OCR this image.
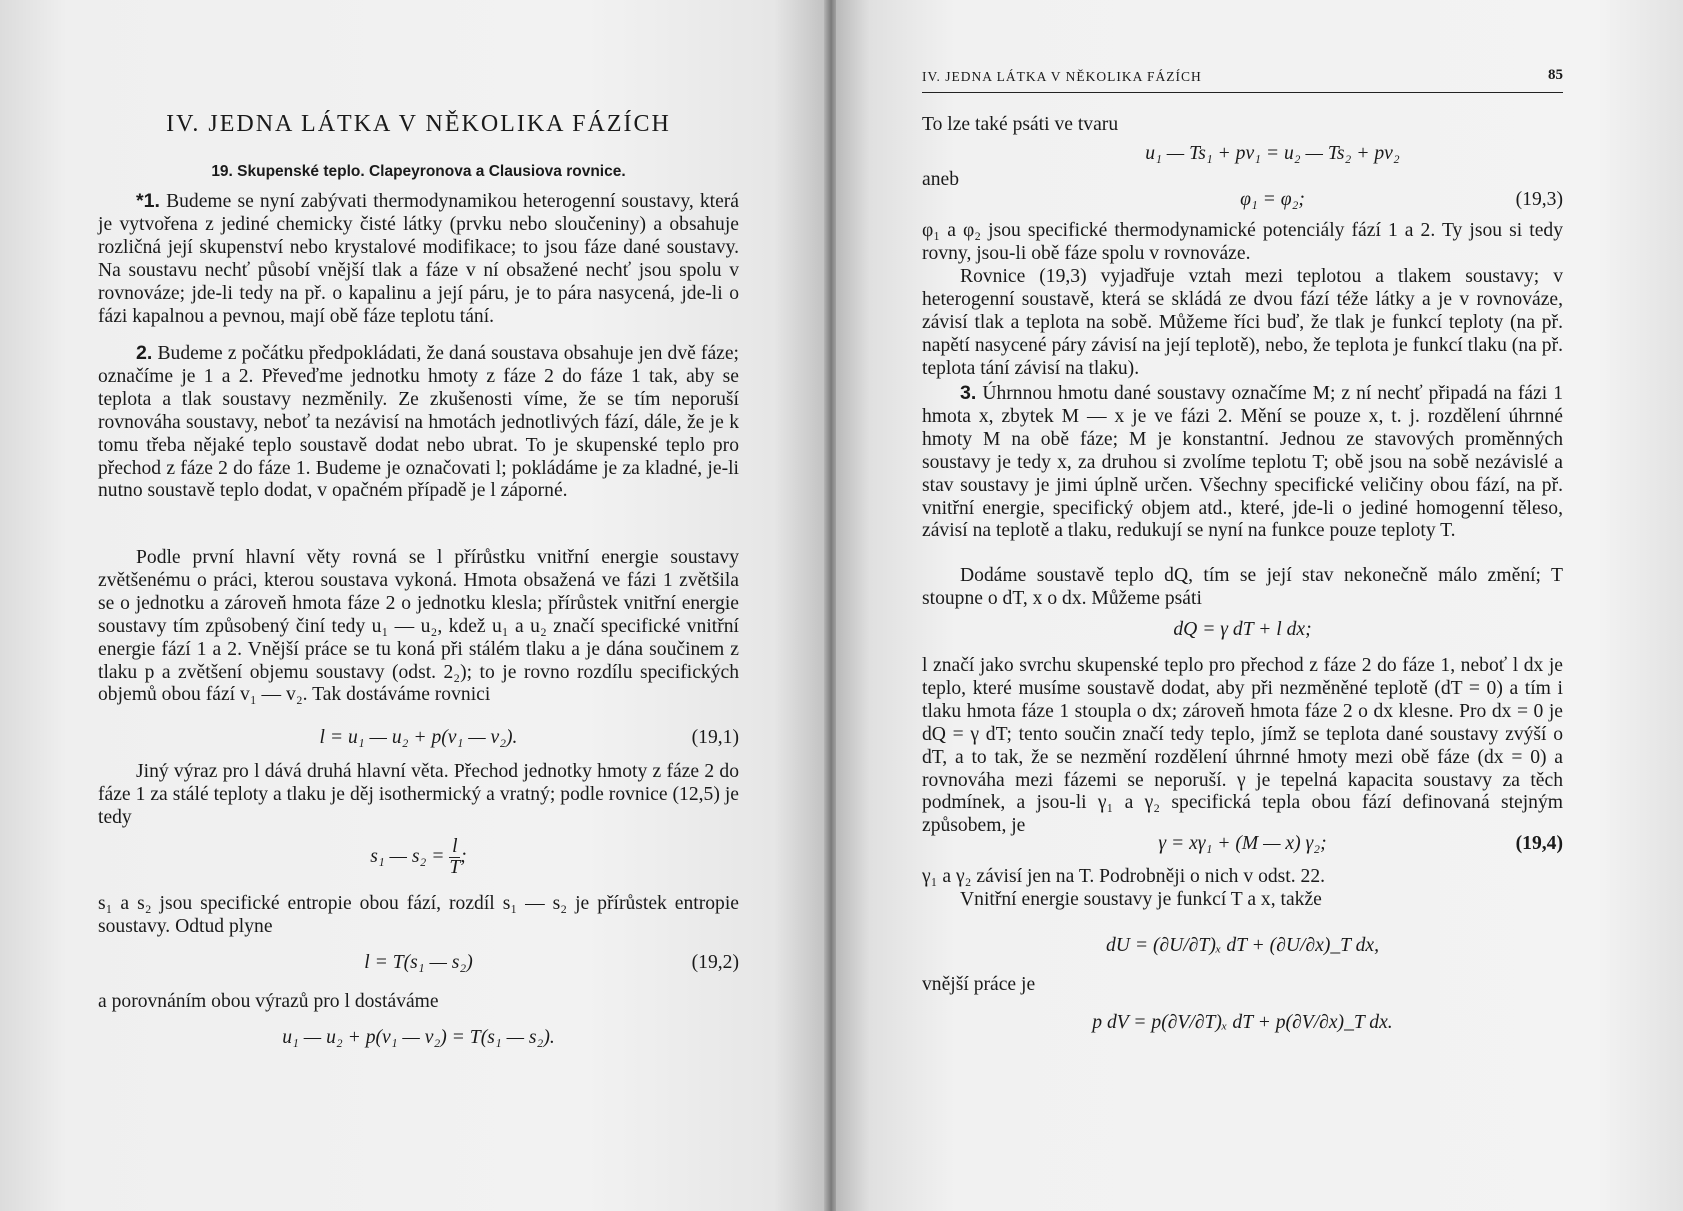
IV. JEDNA LÁTKA V NĚKOLIKA FÁZÍCH
19. Skupenské teplo. Clapeyronova a Clausiova rovnice.

*1. Budeme se nyní zabývati thermodynamikou heterogenní soustavy, která je vytvořena z jediné chemicky čisté látky (prvku nebo sloučeniny) a obsahuje rozličná její skupenství nebo krystalové modifikace; to jsou fáze dané soustavy. Na soustavu nechť působí vnější tlak a fáze v ní obsažené nechť jsou spolu v rovnováze; jde-li tedy na př. o kapalinu a její páru, je to pára nasycená, jde-li o fázi kapalnou a pevnou, mají obě fáze teplotu tání.

2. Budeme z počátku předpokládati, že daná soustava obsahuje jen dvě fáze; označíme je 1 a 2. Převeďme jednotku hmoty z fáze 2 do fáze 1 tak, aby se teplota a tlak soustavy nezměnily. Ze zkušenosti víme, že se tím neporuší rovnováha soustavy, neboť ta nezávisí na hmotách jednotlivých fází, dále, že je k tomu třeba nějaké teplo soustavě dodat nebo ubrat. To je skupenské teplo pro přechod z fáze 2 do fáze 1. Budeme je označovati l; pokládáme je za kladné, je-li nutno soustavě teplo dodat, v opačném případě je l záporné.

Podle první hlavní věty rovná se l přírůstku vnitřní energie soustavy zvětšenému o práci, kterou soustava vykoná. Hmota obsažená ve fázi 1 zvětšila se o jednotku a zároveň hmota fáze 2 o jednotku klesla; přírůstek vnitřní energie soustavy tím způsobený činí tedy u₁ — u₂, kdež u₁ a u₂ značí specifické vnitřní energie fází 1 a 2. Vnější práce se tu koná při stálém tlaku a je dána součinem z tlaku p a zvětšení objemu soustavy (odst. 2₂); to je rovno rozdílu specifických objemů obou fází v₁ — v₂. Tak dostáváme rovnici

l = u₁ — u₂ + p(v₁ — v₂).	(19,1)

Jiný výraz pro l dává druhá hlavní věta. Přechod jednotky hmoty z fáze 2 do fáze 1 za stálé teploty a tlaku je děj isothermický a vratný; podle rovnice (12,5) je tedy

s₁ — $s_2 = \frac{l}{T}$ ;

s₁ a s₂ jsou specifické entropie obou fází, rozdíl s₁ — s₂ je přírůstek entropie soustavy. Odtud plyne

l = T(s₁ — s₂)	(19,2)

a porovnáním obou výrazů pro l dostáváme

u₁ — u₂ + p(v₁ — v₂) = T(s₁ — s₂).
IV. JEDNA LÁTKA V NĚKOLIKA FÁZÍCH	85

To lze také psáti ve tvaru

u₁ — Ts₁ + pv₁ = u₂ — Ts₂ + pv₂

aneb

φ₁ = φ₂;	(19,3)

φ₁ a φ₂ jsou specifické thermodynamické potenciály fází 1 a 2. Ty jsou si tedy rovny, jsou-li obě fáze spolu v rovnováze.

Rovnice (19,3) vyjadřuje vztah mezi teplotou a tlakem soustavy; v heterogenní soustavě, která se skládá ze dvou fází téže látky a je v rovnováze, závisí tlak a teplota na sobě. Můžeme říci buď, že tlak je funkcí teploty (na př. napětí nasycené páry závisí na její teplotě), nebo, že teplota je funkcí tlaku (na př. teplota tání závisí na tlaku).

3. Úhrnnou hmotu dané soustavy označíme M; z ní nechť připadá na fázi 1 hmota x, zbytek M — x je ve fázi 2. Mění se pouze x, t. j. rozdělení úhrnné hmoty M na obě fáze; M je konstantní. Jednou ze stavových proměnných soustavy je tedy x, za druhou si zvolíme teplotu T; obě jsou na sobě nezávislé a stav soustavy je jimi úplně určen. Všechny specifické veličiny obou fází, na př. vnitřní energie, specifický objem atd., které, jde-li o jediné homogenní těleso, závisí na teplotě a tlaku, redukují se nyní na funkce pouze teploty T.

Dodáme soustavě teplo dQ, tím se její stav nekonečně málo změní; T stoupne o dT, x o dx. Můžeme psáti

dQ = γ dT + l dx;

l značí jako svrchu skupenské teplo pro přechod z fáze 2 do fáze 1, neboť l dx je teplo, které musíme soustavě dodat, aby při nezměněné teplotě (dT = 0) a tím i tlaku hmota fáze 1 stoupla o dx; zároveň hmota fáze 2 o dx klesne. Pro dx = 0 je dQ = γ dT; tento součin značí tedy teplo, jímž se teplota dané soustavy zvýší o dT, a to tak, že se nezmění rozdělení úhrnné hmoty mezi obě fáze (dx = 0) a rovnováha mezi fázemi se neporuší. γ je tepelná kapacita soustavy za těch podmínek, a jsou-li γ₁ a γ₂ specifická tepla obou fází definovaná stejným způsobem, je

γ = xγ₁ + (M — x) γ₂;	(19,4)

γ₁ a γ₂ závisí jen na T. Podrobněji o nich v odst. 22.

Vnitřní energie soustavy je funkcí T a x, takže

dU = (∂U/∂T)ₓ dT + (∂U/∂x)_T dx,

vnější práce je

p dV = p(∂V/∂T)ₓ dT + p(∂V/∂x)_T dx.
